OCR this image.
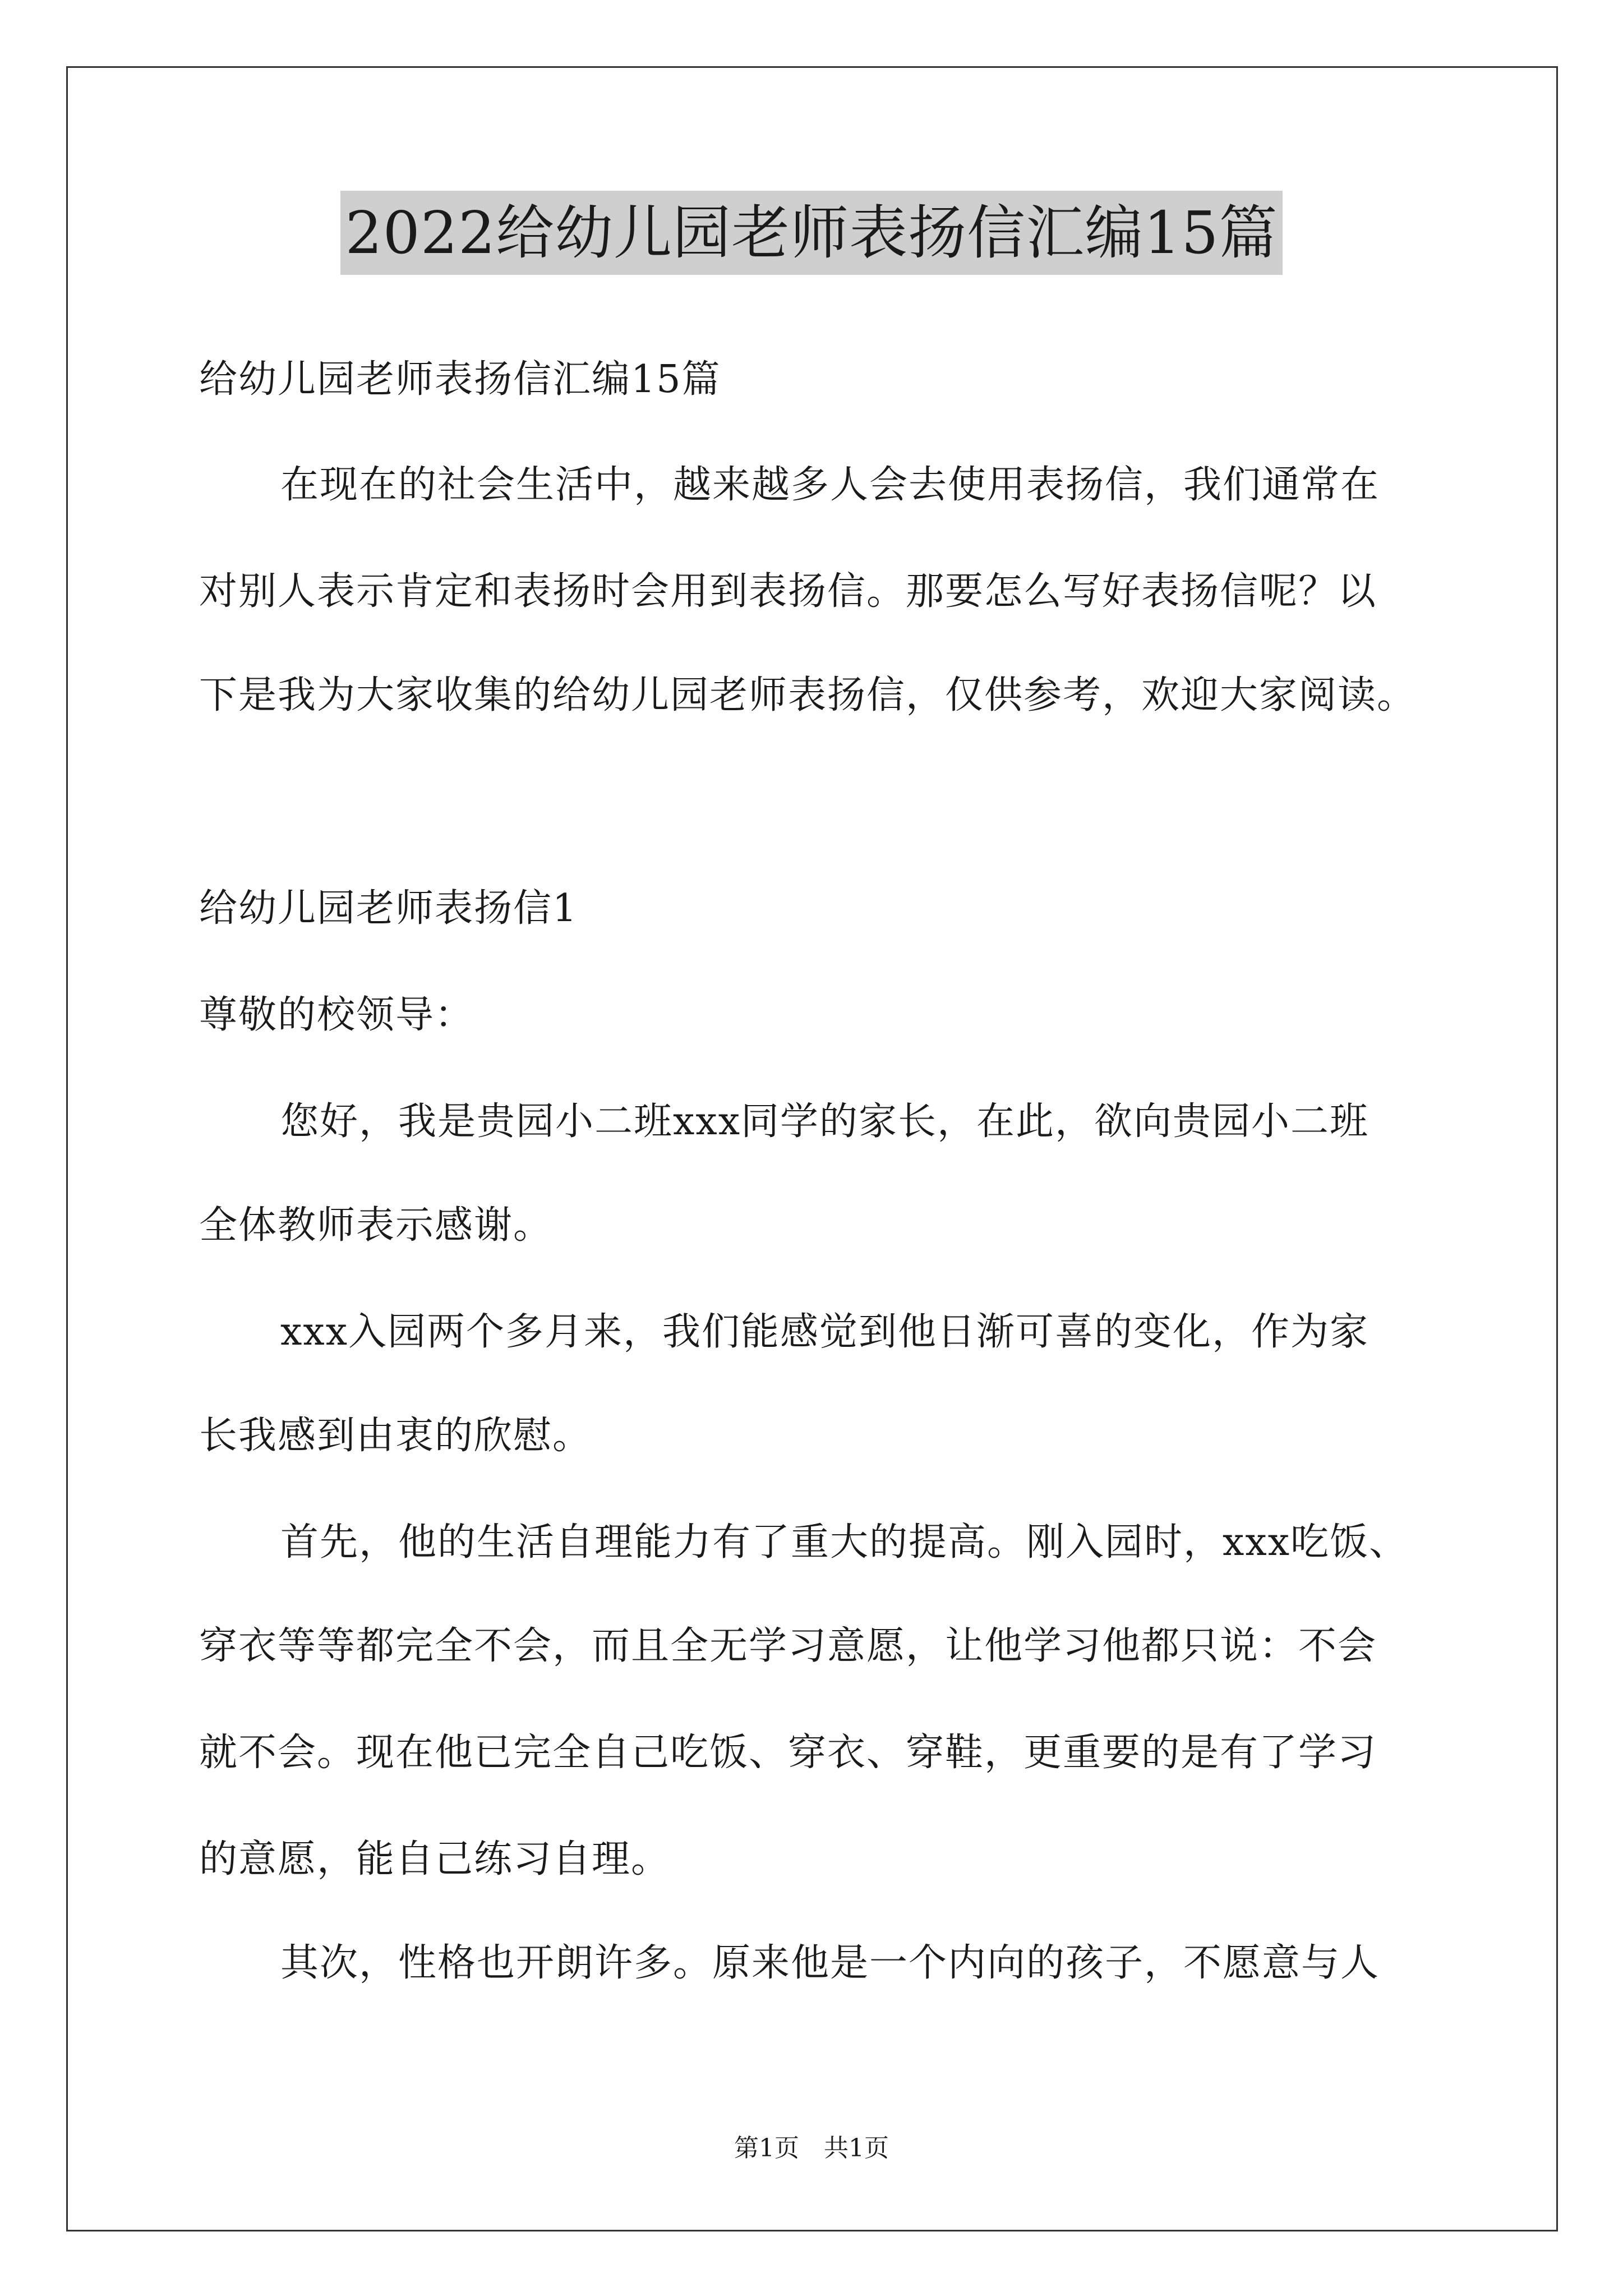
2022给幼儿园老师表扬信汇编15篇
给幼儿园老师表扬信汇编15篇
在现在的社会生活中，越来越多人会去使用表扬信，我们通常在
对别人表示肯定和表扬时会用到表扬信。那要怎么写好表扬信呢？以
下是我为大家收集的给幼儿园老师表扬信，仅供参考，欢迎大家阅读。
给幼儿园老师表扬信1
尊敬的校领导：
您好，我是贵园小二班xxx同学的家长，在此，欲向贵园小二班
全体教师表示感谢。
xxx入园两个多月来，我们能感觉到他日渐可喜的变化，作为家
长我感到由衷的欣慰。
首先，他的生活自理能力有了重大的提高。刚入园时，xxx吃饭、
穿衣等等都完全不会，而且全无学习意愿，让他学习他都只说：不会
就不会。现在他已完全自己吃饭、穿衣、穿鞋，更重要的是有了学习
的意愿，能自己练习自理。
其次，性格也开朗许多。原来他是一个内向的孩子，不愿意与人
第1页　共1页
